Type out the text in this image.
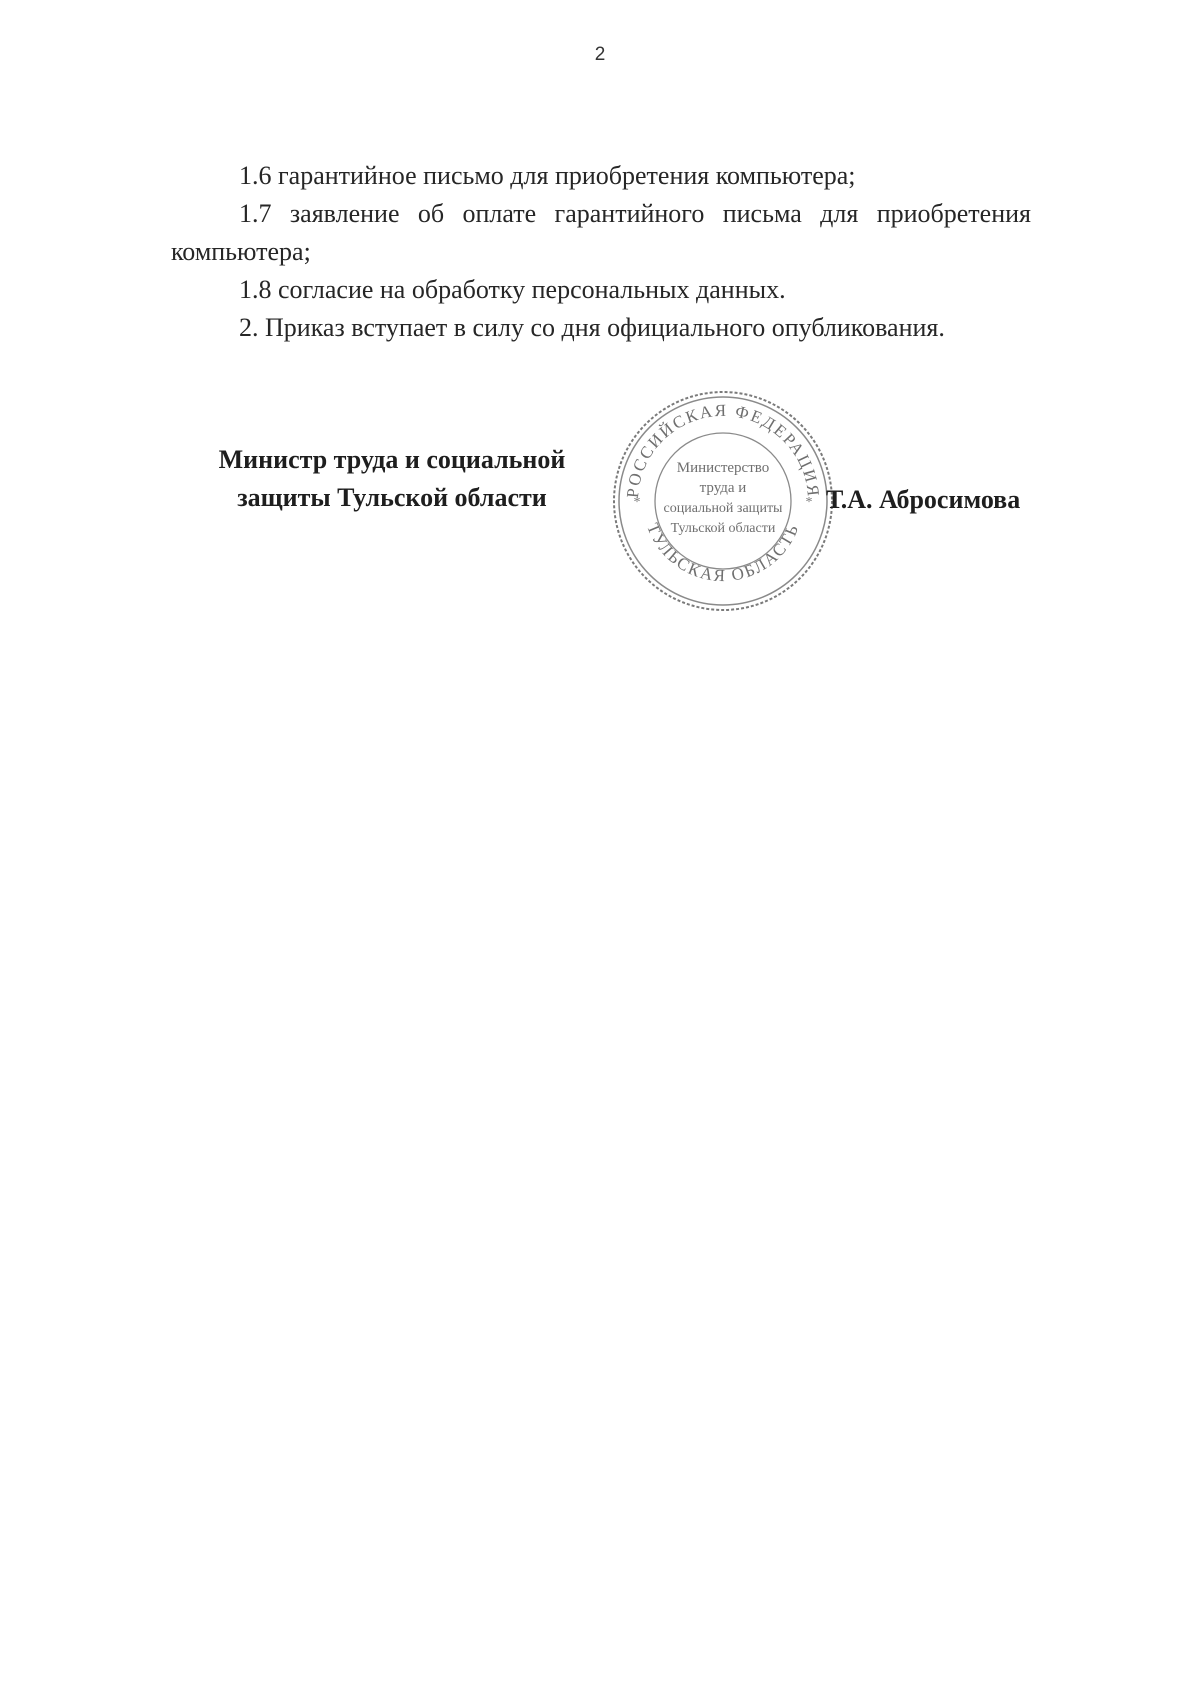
2

1.6 гарантийное письмо для приобретения компьютера;

1.7 заявление об оплате гарантийного письма для приобретения компьютера;

1.8 согласие на обработку персональных данных.

2. Приказ вступает в силу со дня официального опубликования.

Министр труда и социальной
защиты Тульской области	РОССИЙСКАЯ ФЕДЕРАЦИЯ
ТУЛЬСКАЯ ОБЛАСТЬ
*	*
Министерство
труда и
социальной защиты
Тульской области
Т.А. Абросимова
